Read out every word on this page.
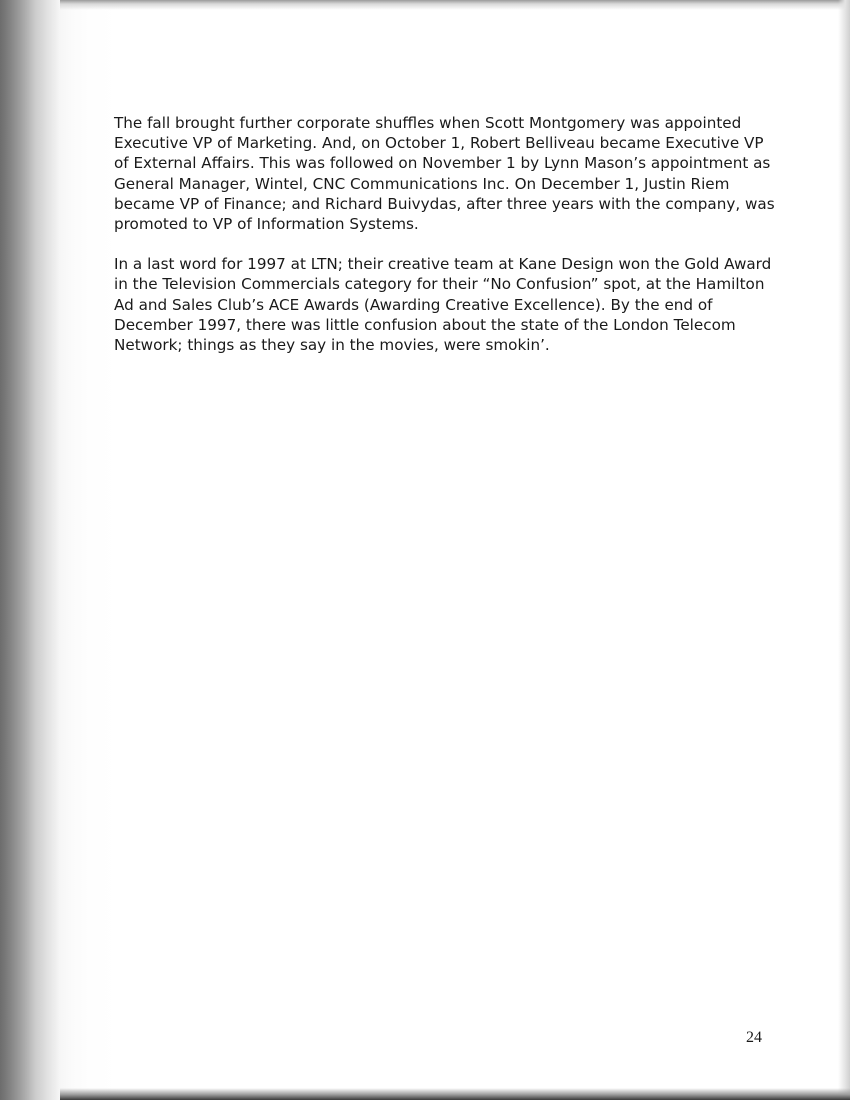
The fall brought further corporate shuffles when Scott Montgomery was appointed
Executive VP of Marketing. And, on October 1, Robert Belliveau became Executive VP
of External Affairs. This was followed on November 1 by Lynn Mason’s appointment as
General Manager, Wintel, CNC Communications Inc. On December 1, Justin Riem
became VP of Finance; and Richard Buivydas, after three years with the company, was
promoted to VP of Information Systems.

In a last word for 1997 at LTN; their creative team at Kane Design won the Gold Award
in the Television Commercials category for their “No Confusion” spot, at the Hamilton
Ad and Sales Club’s ACE Awards (Awarding Creative Excellence). By the end of
December 1997, there was little confusion about the state of the London Telecom
Network; things as they say in the movies, were smokin’.

24
